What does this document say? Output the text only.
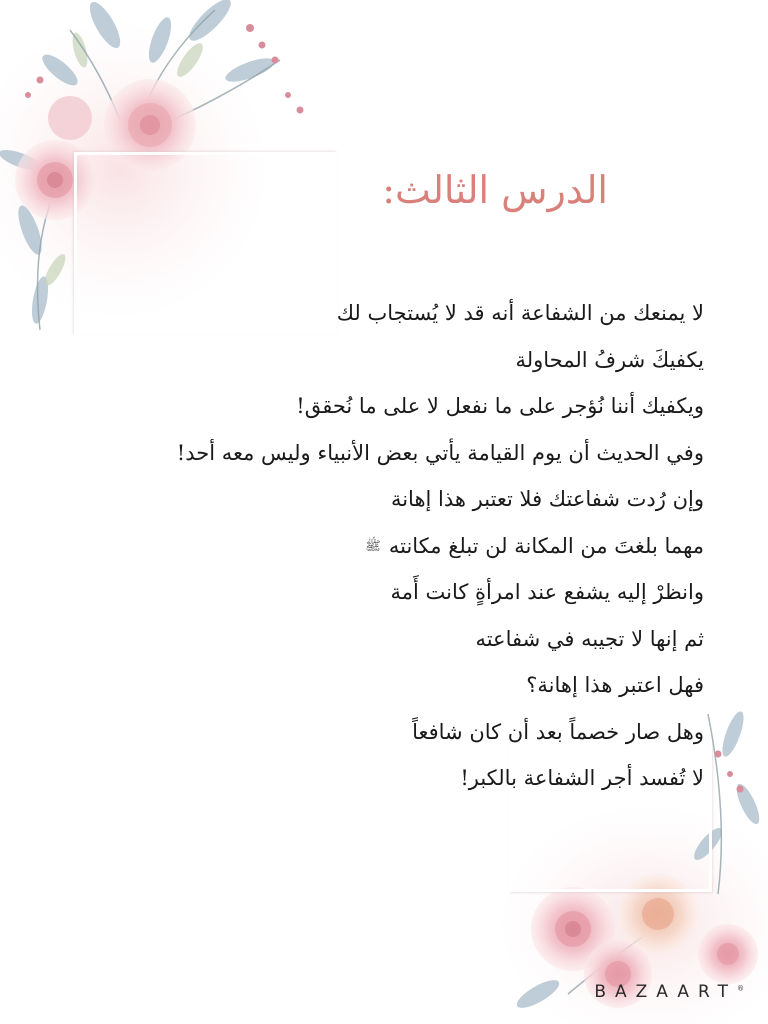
الدرس الثالث:
لا يمنعك من الشفاعة أنه قد لا يُستجاب لك
يكفيكَ شرفُ المحاولة
ويكفيك أننا نُؤجر على ما نفعل لا على ما نُحقق!
وفي الحديث أن يوم القيامة يأتي بعض الأنبياء وليس معه أحد!
وإن رُدت شفاعتك فلا تعتبر هذا إهانة
مهما بلغتَ من المكانة لن تبلغ مكانتهﷺ
وانظرْ إليه يشفع عند امرأةٍ كانت أَمة
ثم إنها لا تجيبه في شفاعته
فهل اعتبر هذا إهانة؟
وهل صار خصماً بعد أن كان شافعاً
لا تُفسد أجر الشفاعة بالكبر!
BAZAART®
